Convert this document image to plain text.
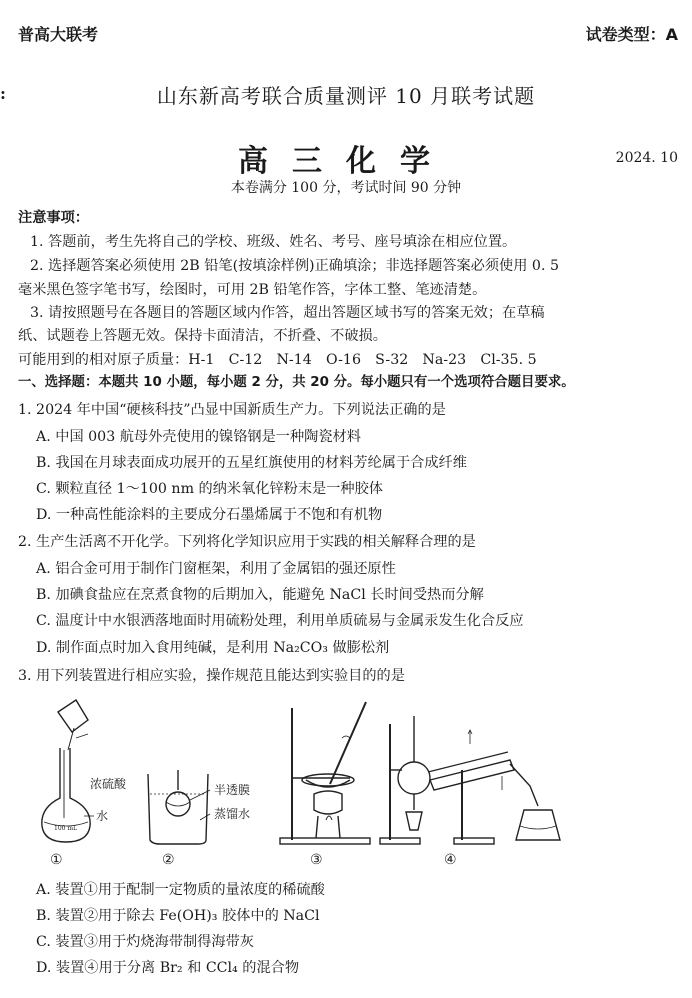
普高大联考	试卷类型：A
:	山东新高考联合质量测评 10 月联考试题
高三化学	2024. 10
本卷满分 100 分，考试时间 90 分钟
注意事项：
1. 答题前，考生先将自己的学校、班级、姓名、考号、座号填涂在相应位置。
2. 选择题答案必须使用 2B 铅笔(按填涂样例)正确填涂；非选择题答案必须使用 0. 5
毫米黑色签字笔书写，绘图时，可用 2B 铅笔作答，字体工整、笔迹清楚。
3. 请按照题号在各题目的答题区域内作答，超出答题区域书写的答案无效；在草稿
纸、试题卷上答题无效。保持卡面清洁，不折叠、不破损。
可能用到的相对原子质量：H-1　C-12　N-14　O-16　S-32　Na-23　Cl-35. 5
一、选择题：本题共 10 小题，每小题 2 分，共 20 分。每小题只有一个选项符合题目要求。
1. 2024 年中国“硬核科技”凸显中国新质生产力。下列说法正确的是
A. 中国 003 航母外壳使用的镍铬钢是一种陶瓷材料
B. 我国在月球表面成功展开的五星红旗使用的材料芳纶属于合成纤维
C. 颗粒直径 1～100 nm 的纳米氧化锌粉末是一种胶体
D. 一种高性能涂料的主要成分石墨烯属于不饱和有机物
2. 生产生活离不开化学。下列将化学知识应用于实践的相关解释合理的是
A. 铝合金可用于制作门窗框架，利用了金属铝的强还原性
B. 加碘食盐应在烹煮食物的后期加入，能避免 NaCl 长时间受热而分解
C. 温度计中水银洒落地面时用硫粉处理，利用单质硫易与金属汞发生化合反应
D. 制作面点时加入食用纯碱，是利用 Na₂CO₃ 做膨松剂
3. 用下列装置进行相应实验，操作规范且能达到实验目的的是
100 mL
浓硫酸
水
半透膜
蒸馏水
①	②	③	④
A. 装置①用于配制一定物质的量浓度的稀硫酸
B. 装置②用于除去 Fe(OH)₃ 胶体中的 NaCl
C. 装置③用于灼烧海带制得海带灰
D. 装置④用于分离 Br₂ 和 CCl₄ 的混合物
